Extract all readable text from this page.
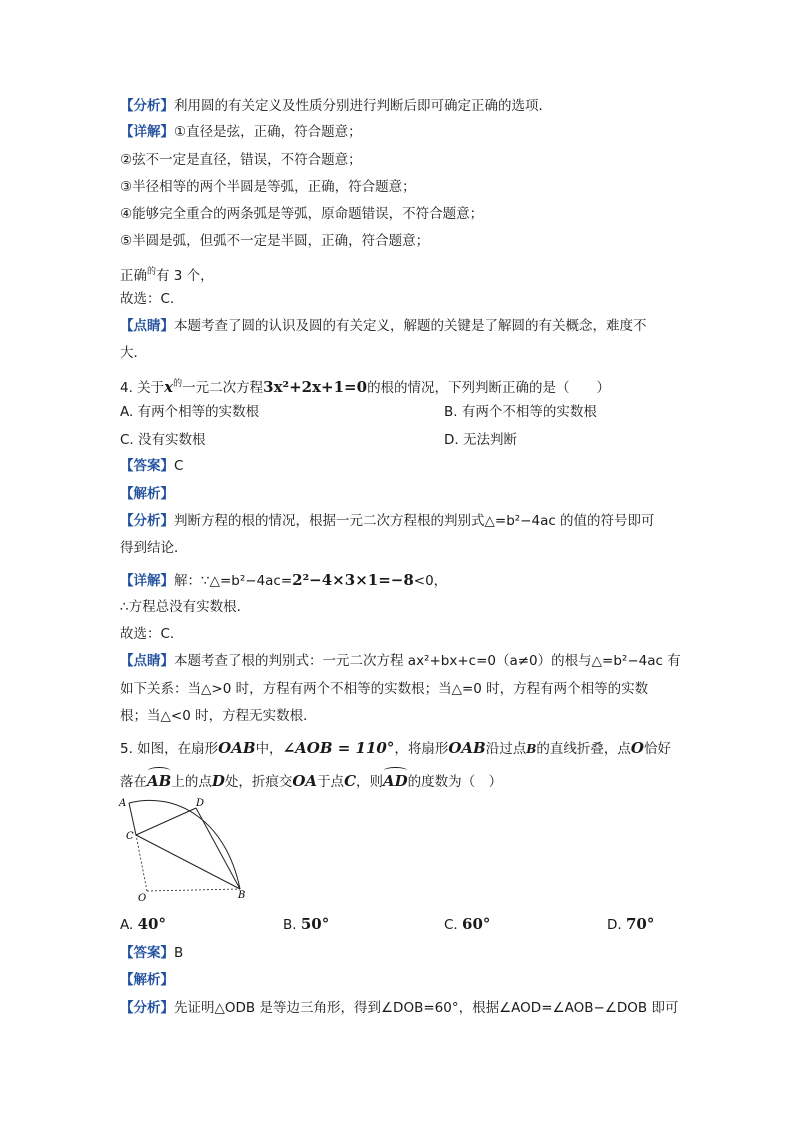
【分析】利用圆的有关定义及性质分别进行判断后即可确定正确的选项．
【详解】①直径是弦，正确，符合题意；
②弦不一定是直径，错误，不符合题意；
③半径相等的两个半圆是等弧，正确，符合题意；
④能够完全重合的两条弧是等弧，原命题错误，不符合题意；
⑤半圆是弧，但弧不一定是半圆，正确，符合题意；
正确$^的$有 3 个，
故选：C．
【点睛】本题考查了圆的认识及圆的有关定义，解题的关键是了解圆的有关概念，难度不
大．
4. 关于$x^的$一元二次方程3x²+2x+1=0的根的情况，下列判断正确的是（　　）
A. 有两个相等的实数根	B. 有两个不相等的实数根
C. 没有实数根	D. 无法判断
【答案】C
【解析】
【分析】判断方程的根的情况，根据一元二次方程根的判别式△=b²−4ac 的值的符号即可
得到结论．
【详解】解：∵△=b²−4ac=2²−4×3×1=−8<0，
∴方程总没有实数根．
故选：C．
【点睛】本题考查了根的判别式：一元二次方程 ax²+bx+c=0（a≠0）的根与△=b²−4ac 有
如下关系：当△>0 时，方程有两个不相等的实数根；当△=0 时，方程有两个相等的实数
根；当△<0 时，方程无实数根．
5. 如图，在扇形OAB中，∠AOB = 110°，将扇形OAB沿过点B的直线折叠，点O恰好
落在AB上的点D处，折痕交OA于点C，则AD的度数为（　）
A	D
C
O	B
A. 40°	B. 50°	C. 60°	D. 70°
【答案】B
【解析】
【分析】先证明△ODB 是等边三角形，得到∠DOB=60°，根据∠AOD=∠AOB−∠DOB 即可
